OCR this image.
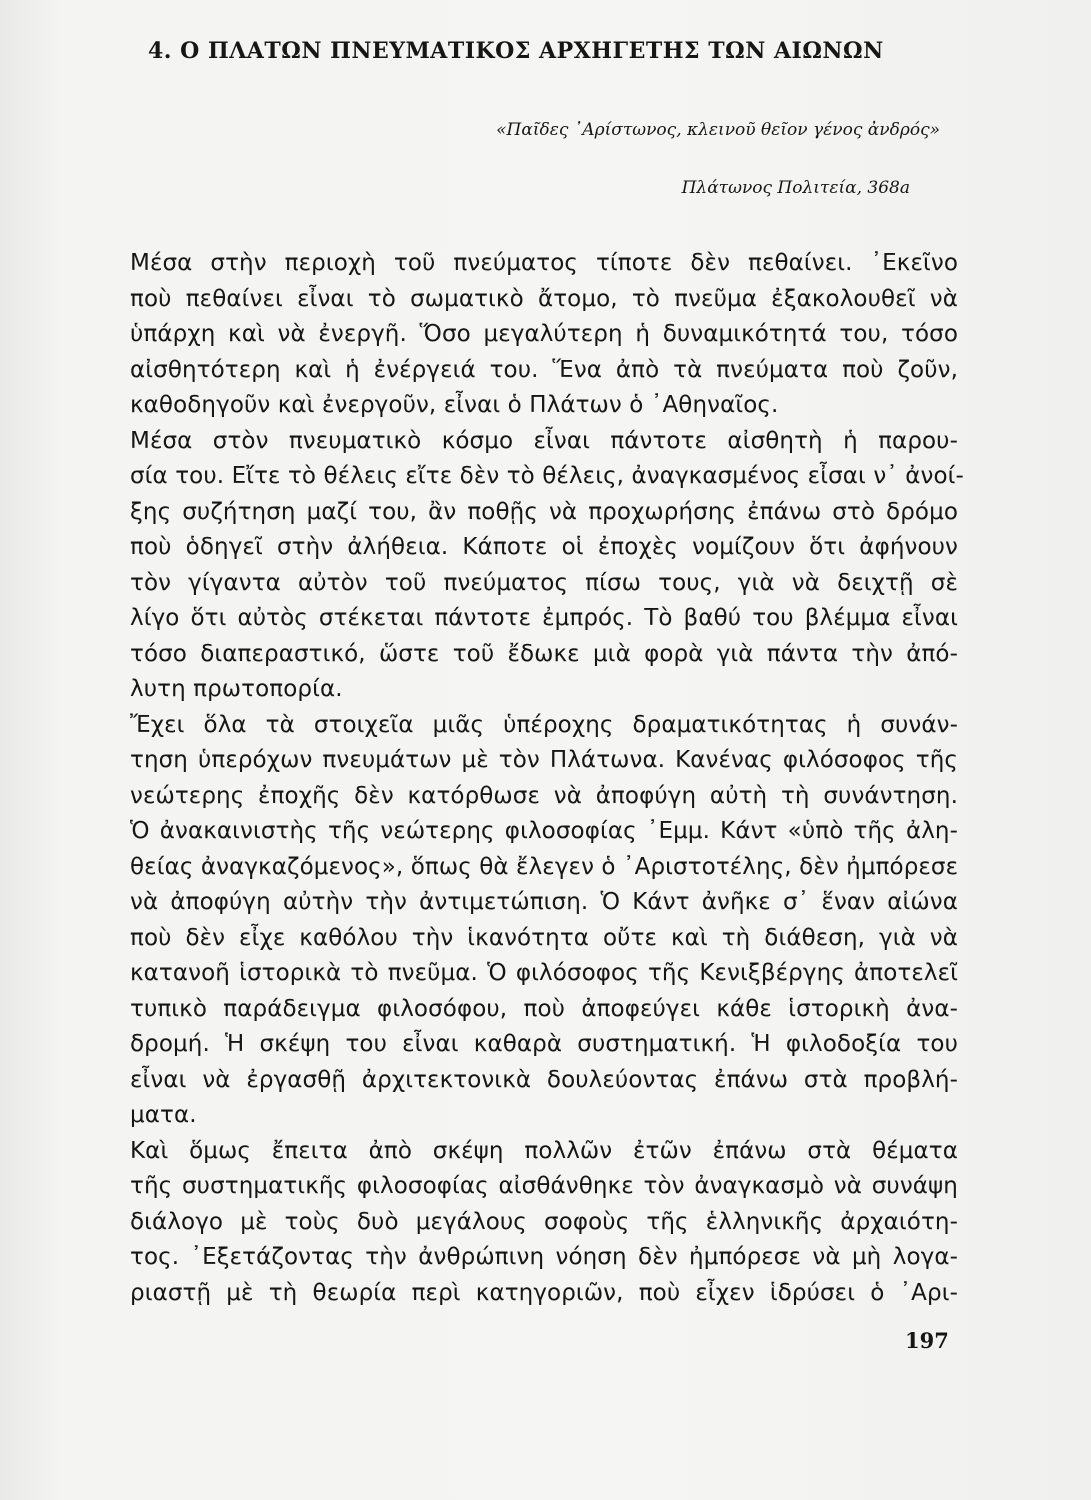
4. Ο ΠΛΑΤΩΝ ΠΝΕΥΜΑΤΙΚΟΣ ΑΡΧΗΓΕΤΗΣ ΤΩΝ ΑΙΩΝΩΝ
«Παῖδες ᾿Αρίστωνος, κλεινοῦ θεῖον γένος ἀνδρός»
Πλάτωνος Πολιτεία, 368a
Μέσα στὴν περιοχὴ τοῦ πνεύματος τίποτε δὲν πεθαίνει. ᾿Εκεῖνο
ποὺ πεθαίνει εἶναι τὸ σωματικὸ ἄτομο, τὸ πνεῦμα ἐξακολουθεῖ νὰ
ὑπάρχη καὶ νὰ ἐνεργῆ. Ὅσο μεγαλύτερη ἡ δυναμικότητά του, τόσο
αἰσθητότερη καὶ ἡ ἐνέργειά του. Ἕνα ἀπὸ τὰ πνεύματα ποὺ ζοῦν,
καθοδηγοῦν καὶ ἐνεργοῦν, εἶναι ὁ Πλάτων ὁ ᾿Αθηναῖος.
Μέσα στὸν πνευματικὸ κόσμο εἶναι πάντοτε αἰσθητὴ ἡ παρου-
σία του. Εἴτε τὸ θέλεις εἴτε δὲν τὸ θέλεις, ἀναγκασμένος εἶσαι ν᾿ ἀνοί-
ξης συζήτηση μαζί του, ἂν ποθῇς νὰ προχωρήσης ἐπάνω στὸ δρόμο
ποὺ ὁδηγεῖ στὴν ἀλήθεια. Κάποτε οἱ ἐποχὲς νομίζουν ὅτι ἀφήνουν
τὸν γίγαντα αὐτὸν τοῦ πνεύματος πίσω τους, γιὰ νὰ δειχτῇ σὲ
λίγο ὅτι αὐτὸς στέκεται πάντοτε ἐμπρός. Τὸ βαθύ του βλέμμα εἶναι
τόσο διαπεραστικό, ὥστε τοῦ ἔδωκε μιὰ φορὰ γιὰ πάντα τὴν ἀπό-
λυτη πρωτοπορία.
Ἔχει ὅλα τὰ στοιχεῖα μιᾶς ὑπέροχης δραματικότητας ἡ συνάν-
τηση ὑπερόχων πνευμάτων μὲ τὸν Πλάτωνα. Κανένας φιλόσοφος τῆς
νεώτερης ἐποχῆς δὲν κατόρθωσε νὰ ἀποφύγη αὐτὴ τὴ συνάντηση.
Ὁ ἀνακαινιστὴς τῆς νεώτερης φιλοσοφίας ᾿Εμμ. Κάντ «ὑπὸ τῆς ἀλη-
θείας ἀναγκαζόμενος», ὅπως θὰ ἔλεγεν ὁ ᾿Αριστοτέλης, δὲν ἠμπόρεσε
νὰ ἀποφύγη αὐτὴν τὴν ἀντιμετώπιση. Ὁ Κάντ ἀνῆκε σ᾿ ἕναν αἰώνα
ποὺ δὲν εἶχε καθόλου τὴν ἱκανότητα οὔτε καὶ τὴ διάθεση, γιὰ νὰ
κατανοῆ ἱστορικὰ τὸ πνεῦμα. Ὁ φιλόσοφος τῆς Κενιξβέργης ἀποτελεῖ
τυπικὸ παράδειγμα φιλοσόφου, ποὺ ἀποφεύγει κάθε ἱστορικὴ ἀνα-
δρομή. Ἡ σκέψη του εἶναι καθαρὰ συστηματική. Ἡ φιλοδοξία του
εἶναι νὰ ἐργασθῇ ἀρχιτεκτονικὰ δουλεύοντας ἐπάνω στὰ προβλή-
ματα.
Καὶ ὅμως ἔπειτα ἀπὸ σκέψη πολλῶν ἐτῶν ἐπάνω στὰ θέματα
τῆς συστηματικῆς φιλοσοφίας αἰσθάνθηκε τὸν ἀναγκασμὸ νὰ συνάψη
διάλογο μὲ τοὺς δυὸ μεγάλους σοφοὺς τῆς ἑλληνικῆς ἀρχαιότη-
τος. ᾿Εξετάζοντας τὴν ἀνθρώπινη νόηση δὲν ἠμπόρεσε νὰ μὴ λογα-
ριαστῇ μὲ τὴ θεωρία περὶ κατηγοριῶν, ποὺ εἶχεν ἱδρύσει ὁ ᾿Αρι-
197
